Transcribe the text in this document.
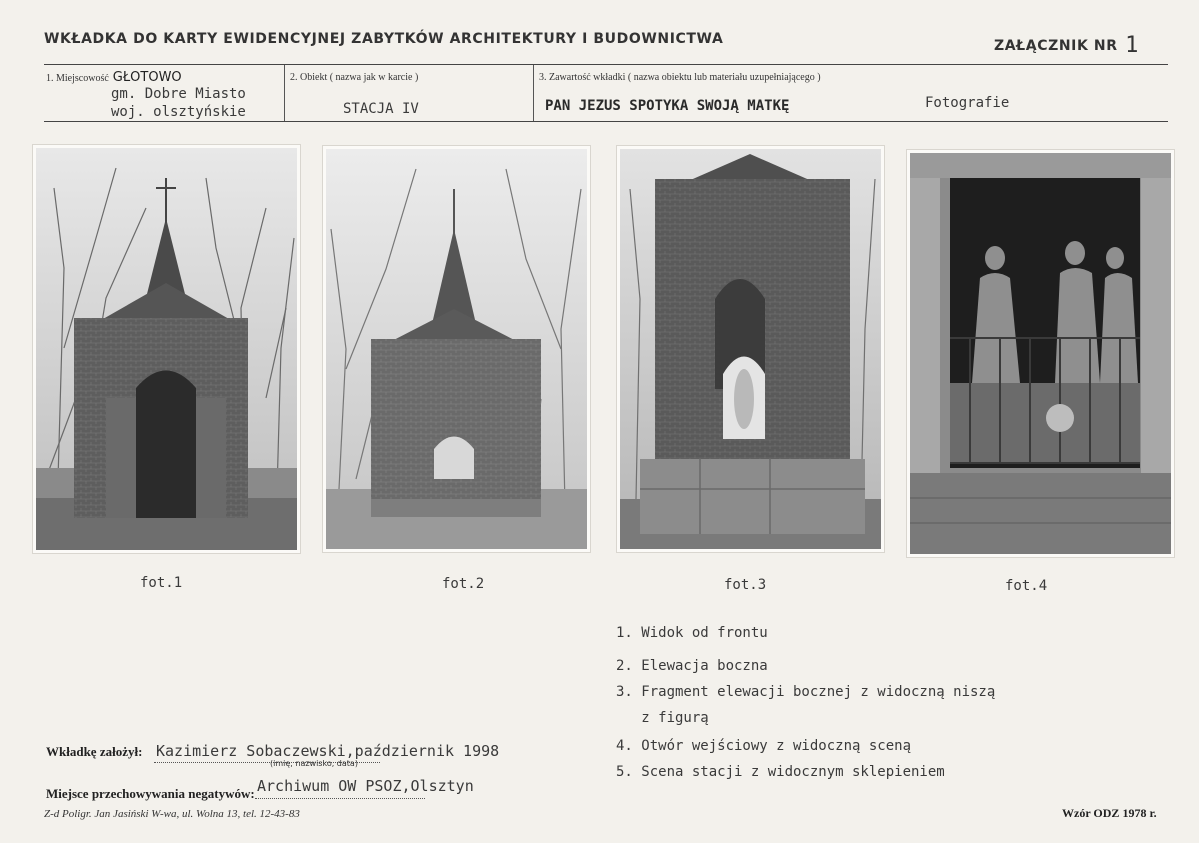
WKŁADKA DO KARTY EWIDENCYJNEJ ZABYTKÓW ARCHITEKTURY I BUDOWNICTWA	ZAŁĄCZNIK NR 1
1. Miejscowość GŁOTOWO
gm. Dobre Miasto
woj. olsztyńskie
2. Obiekt ( nazwa jak w karcie )
STACJA IV
3. Zawartość wkładki ( nazwa obiektu lub materiału uzupełniającego )
PAN JEZUS SPOTYKA SWOJĄ MATKĘ	Fotografie
fot.1	fot.2	fot.3	fot.4
1. Widok od frontu
2. Elewacja boczna
3. Fragment elewacji bocznej z widoczną niszą
z figurą
4. Otwór wejściowy z widoczną sceną
5. Scena stacji z widocznym sklepieniem
Wkładkę założył: Kazimierz Sobaczewski,październik 1998
(imię, nazwisko, data)
Miejsce przechowywania negatywów: Archiwum OW PSOZ,Olsztyn
Z-d Poligr. Jan Jasiński W-wa, ul. Wolna 13, tel. 12-43-83	Wzór ODZ 1978 r.
